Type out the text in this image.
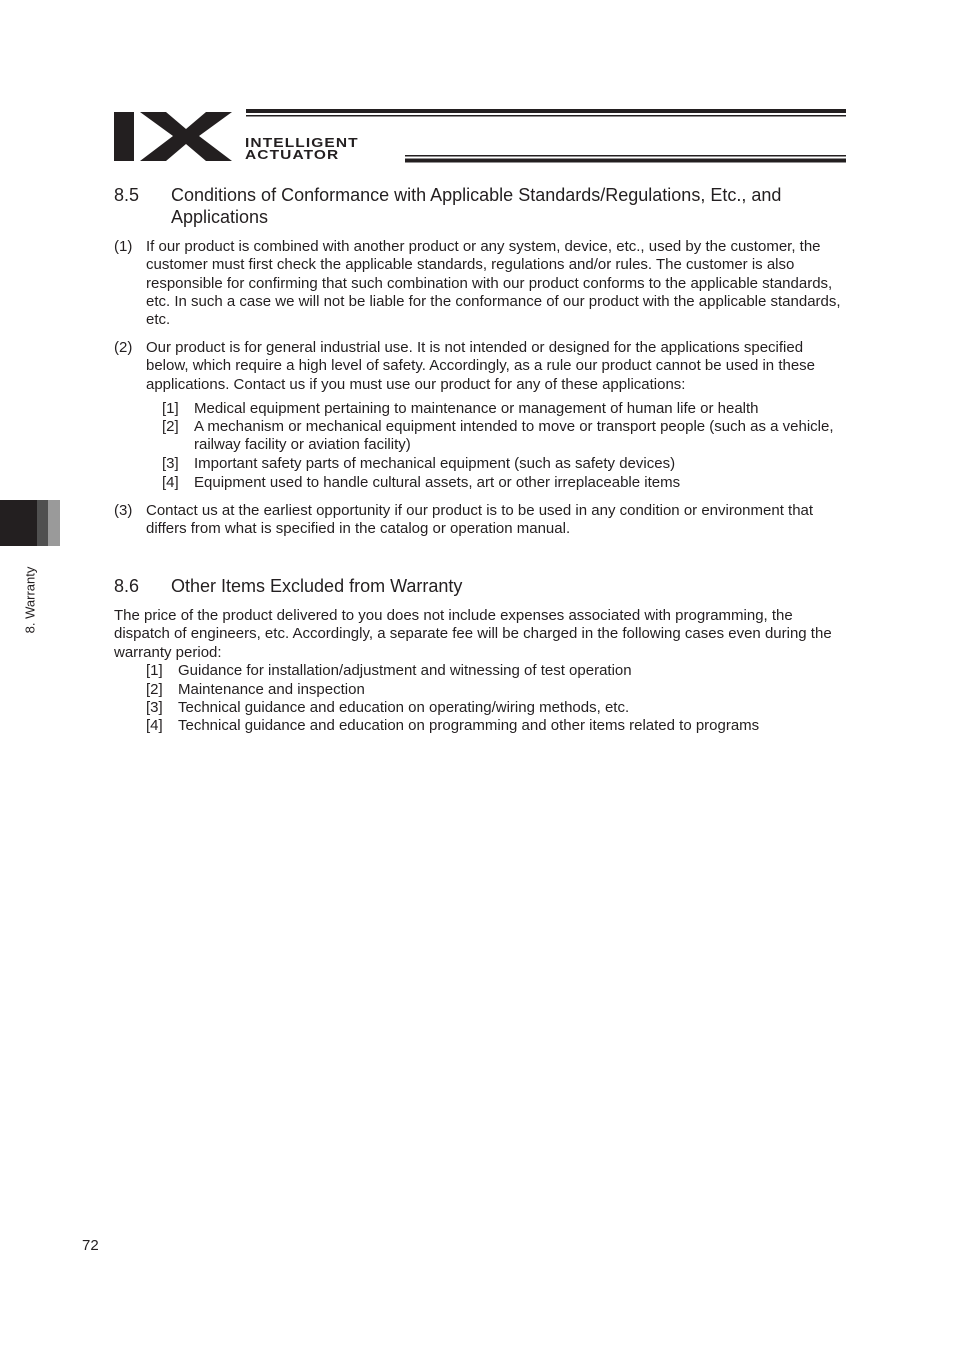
INTELLIGENT
ACTUATOR
8. Warranty
8.5 Conditions of Conformance with Applicable Standards/Regulations, Etc., and Applications
(1) If our product is combined with another product or any system, device, etc., used by the customer, the customer must first check the applicable standards, regulations and/or rules. The customer is also responsible for confirming that such combination with our product conforms to the applicable standards, etc. In such a case we will not be liable for the conformance of our product with the applicable standards, etc.
(2) Our product is for general industrial use. It is not intended or designed for the applications specified below, which require a high level of safety. Accordingly, as a rule our product cannot be used in these applications. Contact us if you must use our product for any of these applications:
[1] Medical equipment pertaining to maintenance or management of human life or health
[2] A mechanism or mechanical equipment intended to move or transport people (such as a vehicle, railway facility or aviation facility)
[3] Important safety parts of mechanical equipment (such as safety devices)
[4] Equipment used to handle cultural assets, art or other irreplaceable items
(3) Contact us at the earliest opportunity if our product is to be used in any condition or environment that differs from what is specified in the catalog or operation manual.
8.6 Other Items Excluded from Warranty
The price of the product delivered to you does not include expenses associated with programming, the dispatch of engineers, etc. Accordingly, a separate fee will be charged in the following cases even during the warranty period:
[1] Guidance for installation/adjustment and witnessing of test operation
[2] Maintenance and inspection
[3] Technical guidance and education on operating/wiring methods, etc.
[4] Technical guidance and education on programming and other items related to programs
72
